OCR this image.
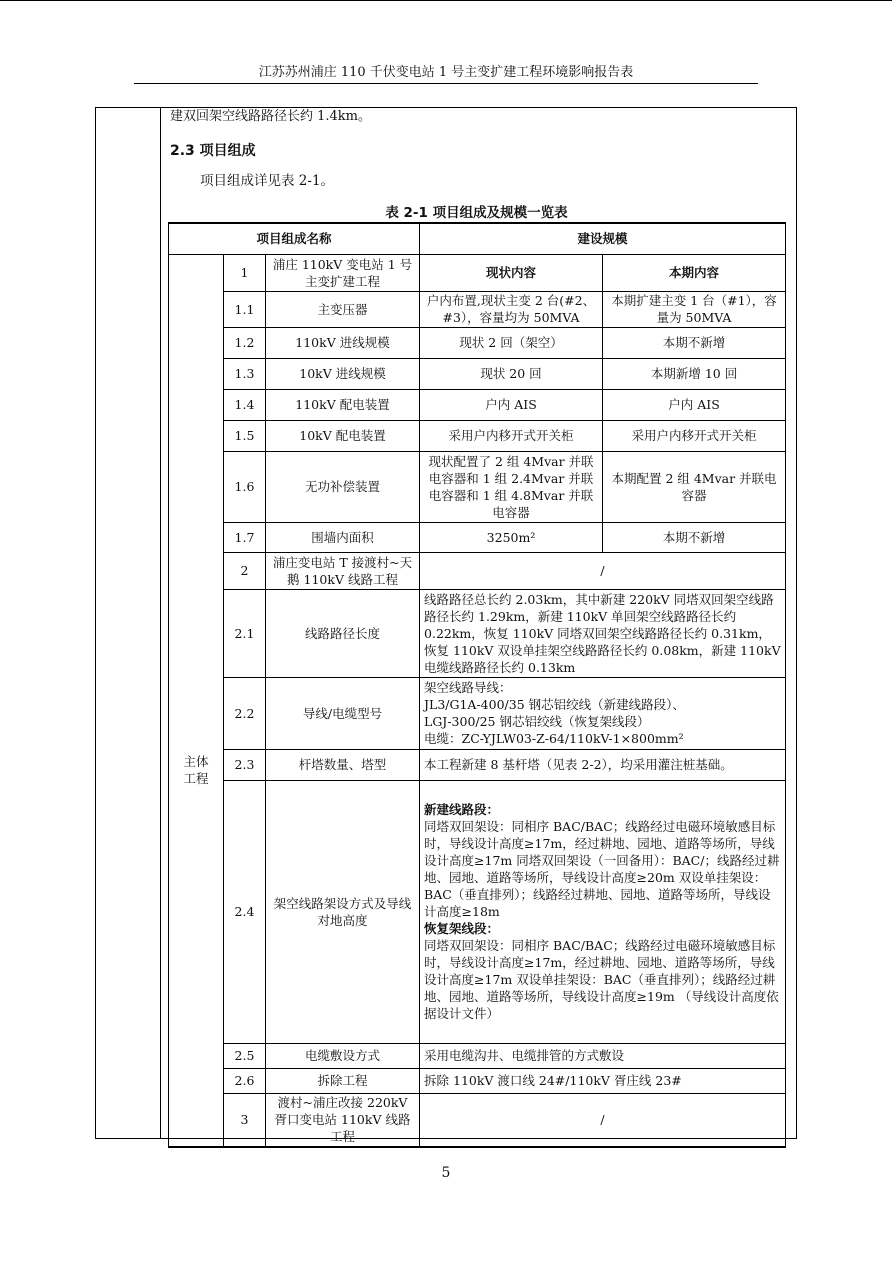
江苏苏州浦庄 110 千伏变电站 1 号主变扩建工程环境影响报告表
建双回架空线路路径长约 1.4km。
2.3 项目组成
项目组成详见表 2-1。
表 2-1 项目组成及规模一览表
项目组成名称			建设规模	
主体
工程	1	浦庄 110kV 变电站 1 号主变扩建工程	现状内容	本期内容
	1.1	主变压器	户内布置,现状主变 2 台(#2、#3），容量均为 50MVA	本期扩建主变 1 台（#1），容量为 50MVA
	1.2	110kV 进线规模	现状 2 回（架空）	本期不新增
	1.3	10kV 进线规模	现状 20 回	本期新增 10 回
	1.4	110kV 配电装置	户内 AIS	户内 AIS
	1.5	10kV 配电装置	采用户内移开式开关柜	采用户内移开式开关柜
	1.6	无功补偿装置	现状配置了 2 组 4Mvar 并联电容器和 1 组 2.4Mvar 并联电容器和 1 组 4.8Mvar 并联电容器	本期配置 2 组 4Mvar 并联电容器
	1.7	围墙内面积	3250m²	本期不新增
	2	浦庄变电站 T 接渡村~天鹅 110kV 线路工程	/	
	2.1	线路路径长度	线路路径总长约 2.03km，其中新建 220kV 同塔双回架空线路路径长约 1.29km，新建 110kV 单回架空线路路径长约 0.22km，恢复 110kV 同塔双回架空线路路径长约 0.31km，恢复 110kV 双设单挂架空线路路径长约 0.08km，新建 110kV 电缆线路路径长约 0.13km	
	2.2	导线/电缆型号	架空线路导线：
JL3/G1A-400/35 钢芯铝绞线（新建线路段）、
LGJ-300/25 钢芯铝绞线（恢复架线段）
电缆：ZC-YJLW03-Z-64/110kV-1×800mm²	

	2.3	杆塔数量、塔型	本工程新建 8 基杆塔（见表 2-2），均采用灌注桩基础。	
	2.4	架空线路架设方式及导线对地高度	新建线路段：
同塔双回架设：同相序 BAC/BAC；线路经过电磁环境敏感目标时，导线设计高度≥17m，经过耕地、园地、道路等场所，导线设计高度≥17m 同塔双回架设（一回备用）：BAC/；线路经过耕地、园地、道路等场所，导线设计高度≥20m 双设单挂架设：BAC（垂直排列）；线路经过耕地、园地、道路等场所，导线设计高度≥18m
恢复架线段：
同塔双回架设：同相序 BAC/BAC；线路经过电磁环境敏感目标时，导线设计高度≥17m，经过耕地、园地、道路等场所，导线设计高度≥17m 双设单挂架设：BAC（垂直排列）；线路经过耕地、园地、道路等场所，导线设计高度≥19m （导线设计高度依据设计文件）	

	2.5	电缆敷设方式	采用电缆沟井、电缆排管的方式敷设	
	2.6	拆除工程	拆除 110kV 渡口线 24#/110kV 胥庄线 23#	
	3	渡村~浦庄改接 220kV 胥口变电站 110kV 线路工程	/	
5
